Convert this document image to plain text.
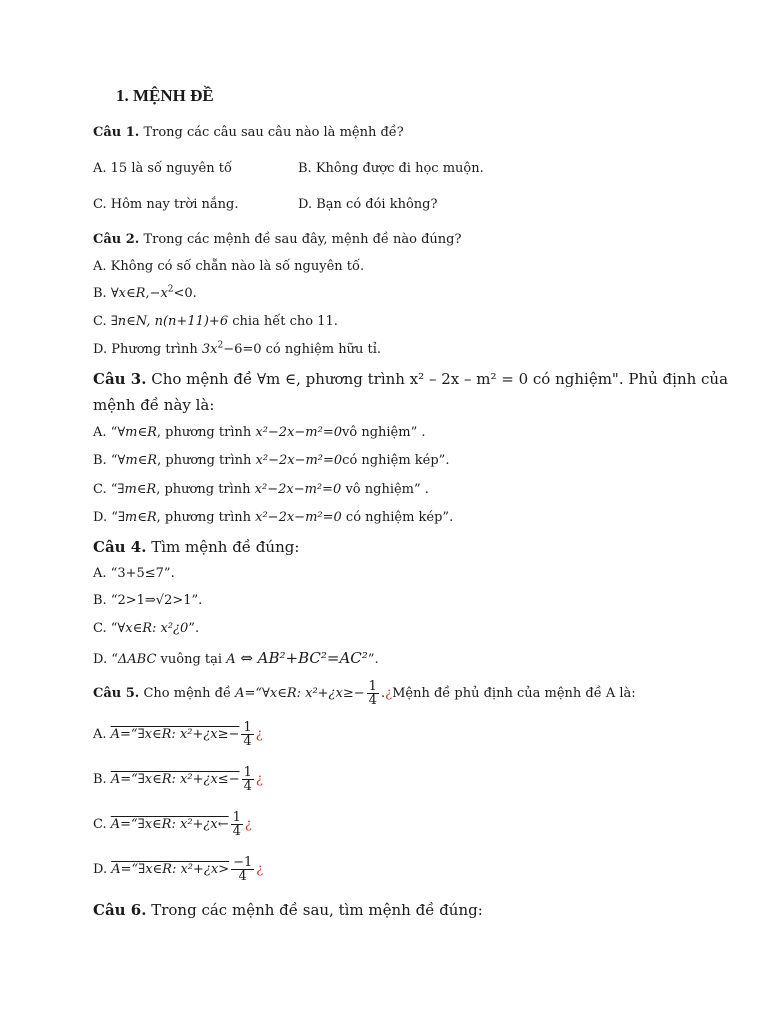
1. MỆNH ĐỀ
Câu 1. Trong các câu sau câu nào là mệnh đề?
A. 15 là số nguyên tố	B. Không được đi học muộn.
C. Hôm nay trời nắng.	D. Bạn có đói không?
Câu 2. Trong các mệnh đề sau đây, mệnh đề nào đúng?
A. Không có số chẵn nào là số nguyên tố.
B. $\forall x\in R,-x^2<0$.
C. ∃n∈N, n(n+11)+6 chia hết cho 11.
D. Phương trình $3x^2-6=0$ có nghiệm hữu tỉ.
Câu 3. Cho mệnh đề ∀m ∈, phương trình x² – 2x – m² = 0 có nghiệm". Phủ định của
mệnh đề này là:
A. “∀m∈R, phương trình x²−2x−m²=0vô nghiệm” .
B. “∀m∈R, phương trình x²−2x−m²=0có nghiệm kép”.
C. “∃m∈R, phương trình x²−2x−m²=0 vô nghiệm” .
D. “∃m∈R, phương trình x²−2x−m²=0 có nghiệm kép”.
Câu 4. Tìm mệnh đề đúng:
A. “3+5≤7”.
B. “2>1⇒√2>1”.
C. “∀x∈R: x²¿0”.
D. “ΔABC vuông tại A ⇔ AB²+BC²=AC²”.
Câu 5. Cho mệnh đề A=“∀x∈R: x²+¿x≥− $\frac{1}{4}$ .¿Mệnh đề phủ định của mệnh đề A là:
A. A=“∃x∈R: x²+¿x≥− $\frac{1}{4}$ ¿
B. A=“∃x∈R: x²+¿x≤− $\frac{1}{4}$ ¿
C. A=“∃x∈R: x²+¿x← $\frac{1}{4}$ ¿
D. A=“∃x∈R: x²+¿x> $\frac{-1}{4}$ ¿
Câu 6. Trong các mệnh đề sau, tìm mệnh đề đúng:
